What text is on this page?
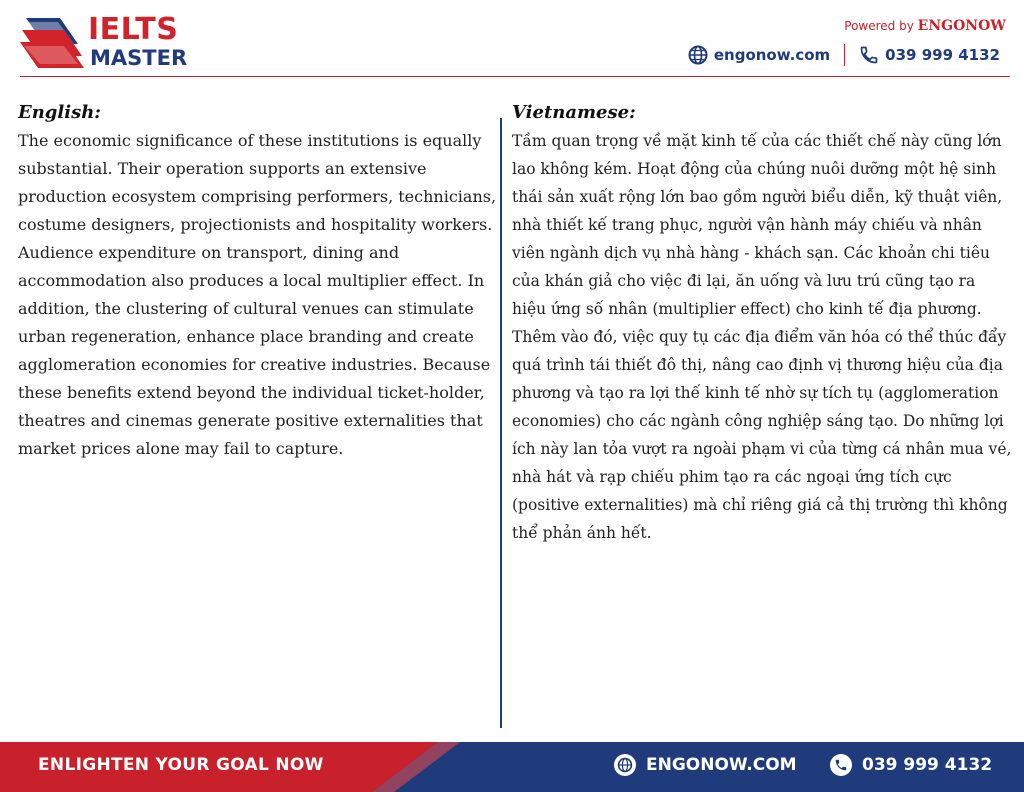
IELTS
MASTER
Powered by ENGONOW
engonow.com	039 999 4132
English:
The economic significance of these institutions is equally substantial. Their operation supports an extensive production ecosystem comprising performers, technicians, costume designers, projectionists and hospitality workers. Audience expenditure on transport, dining and accommodation also produces a local multiplier effect. In addition, the clustering of cultural venues can stimulate urban regeneration, enhance place branding and create agglomeration economies for creative industries. Because these benefits extend beyond the individual ticket-holder, theatres and cinemas generate positive externalities that market prices alone may fail to capture.
Vietnamese:
Tầm quan trọng về mặt kinh tế của các thiết chế này cũng lớn lao không kém. Hoạt động của chúng nuôi dưỡng một hệ sinh thái sản xuất rộng lớn bao gồm người biểu diễn, kỹ thuật viên, nhà thiết kế trang phục, người vận hành máy chiếu và nhân viên ngành dịch vụ nhà hàng - khách sạn. Các khoản chi tiêu của khán giả cho việc đi lại, ăn uống và lưu trú cũng tạo ra hiệu ứng số nhân (multiplier effect) cho kinh tế địa phương. Thêm vào đó, việc quy tụ các địa điểm văn hóa có thể thúc đẩy quá trình tái thiết đô thị, nâng cao định vị thương hiệu của địa phương và tạo ra lợi thế kinh tế nhờ sự tích tụ (agglomeration economies) cho các ngành công nghiệp sáng tạo. Do những lợi ích này lan tỏa vượt ra ngoài phạm vi của từng cá nhân mua vé, nhà hát và rạp chiếu phim tạo ra các ngoại ứng tích cực (positive externalities) mà chỉ riêng giá cả thị trường thì không thể phản ánh hết.
ENLIGHTEN YOUR GOAL NOW	ENGONOW.COM	039 999 4132
